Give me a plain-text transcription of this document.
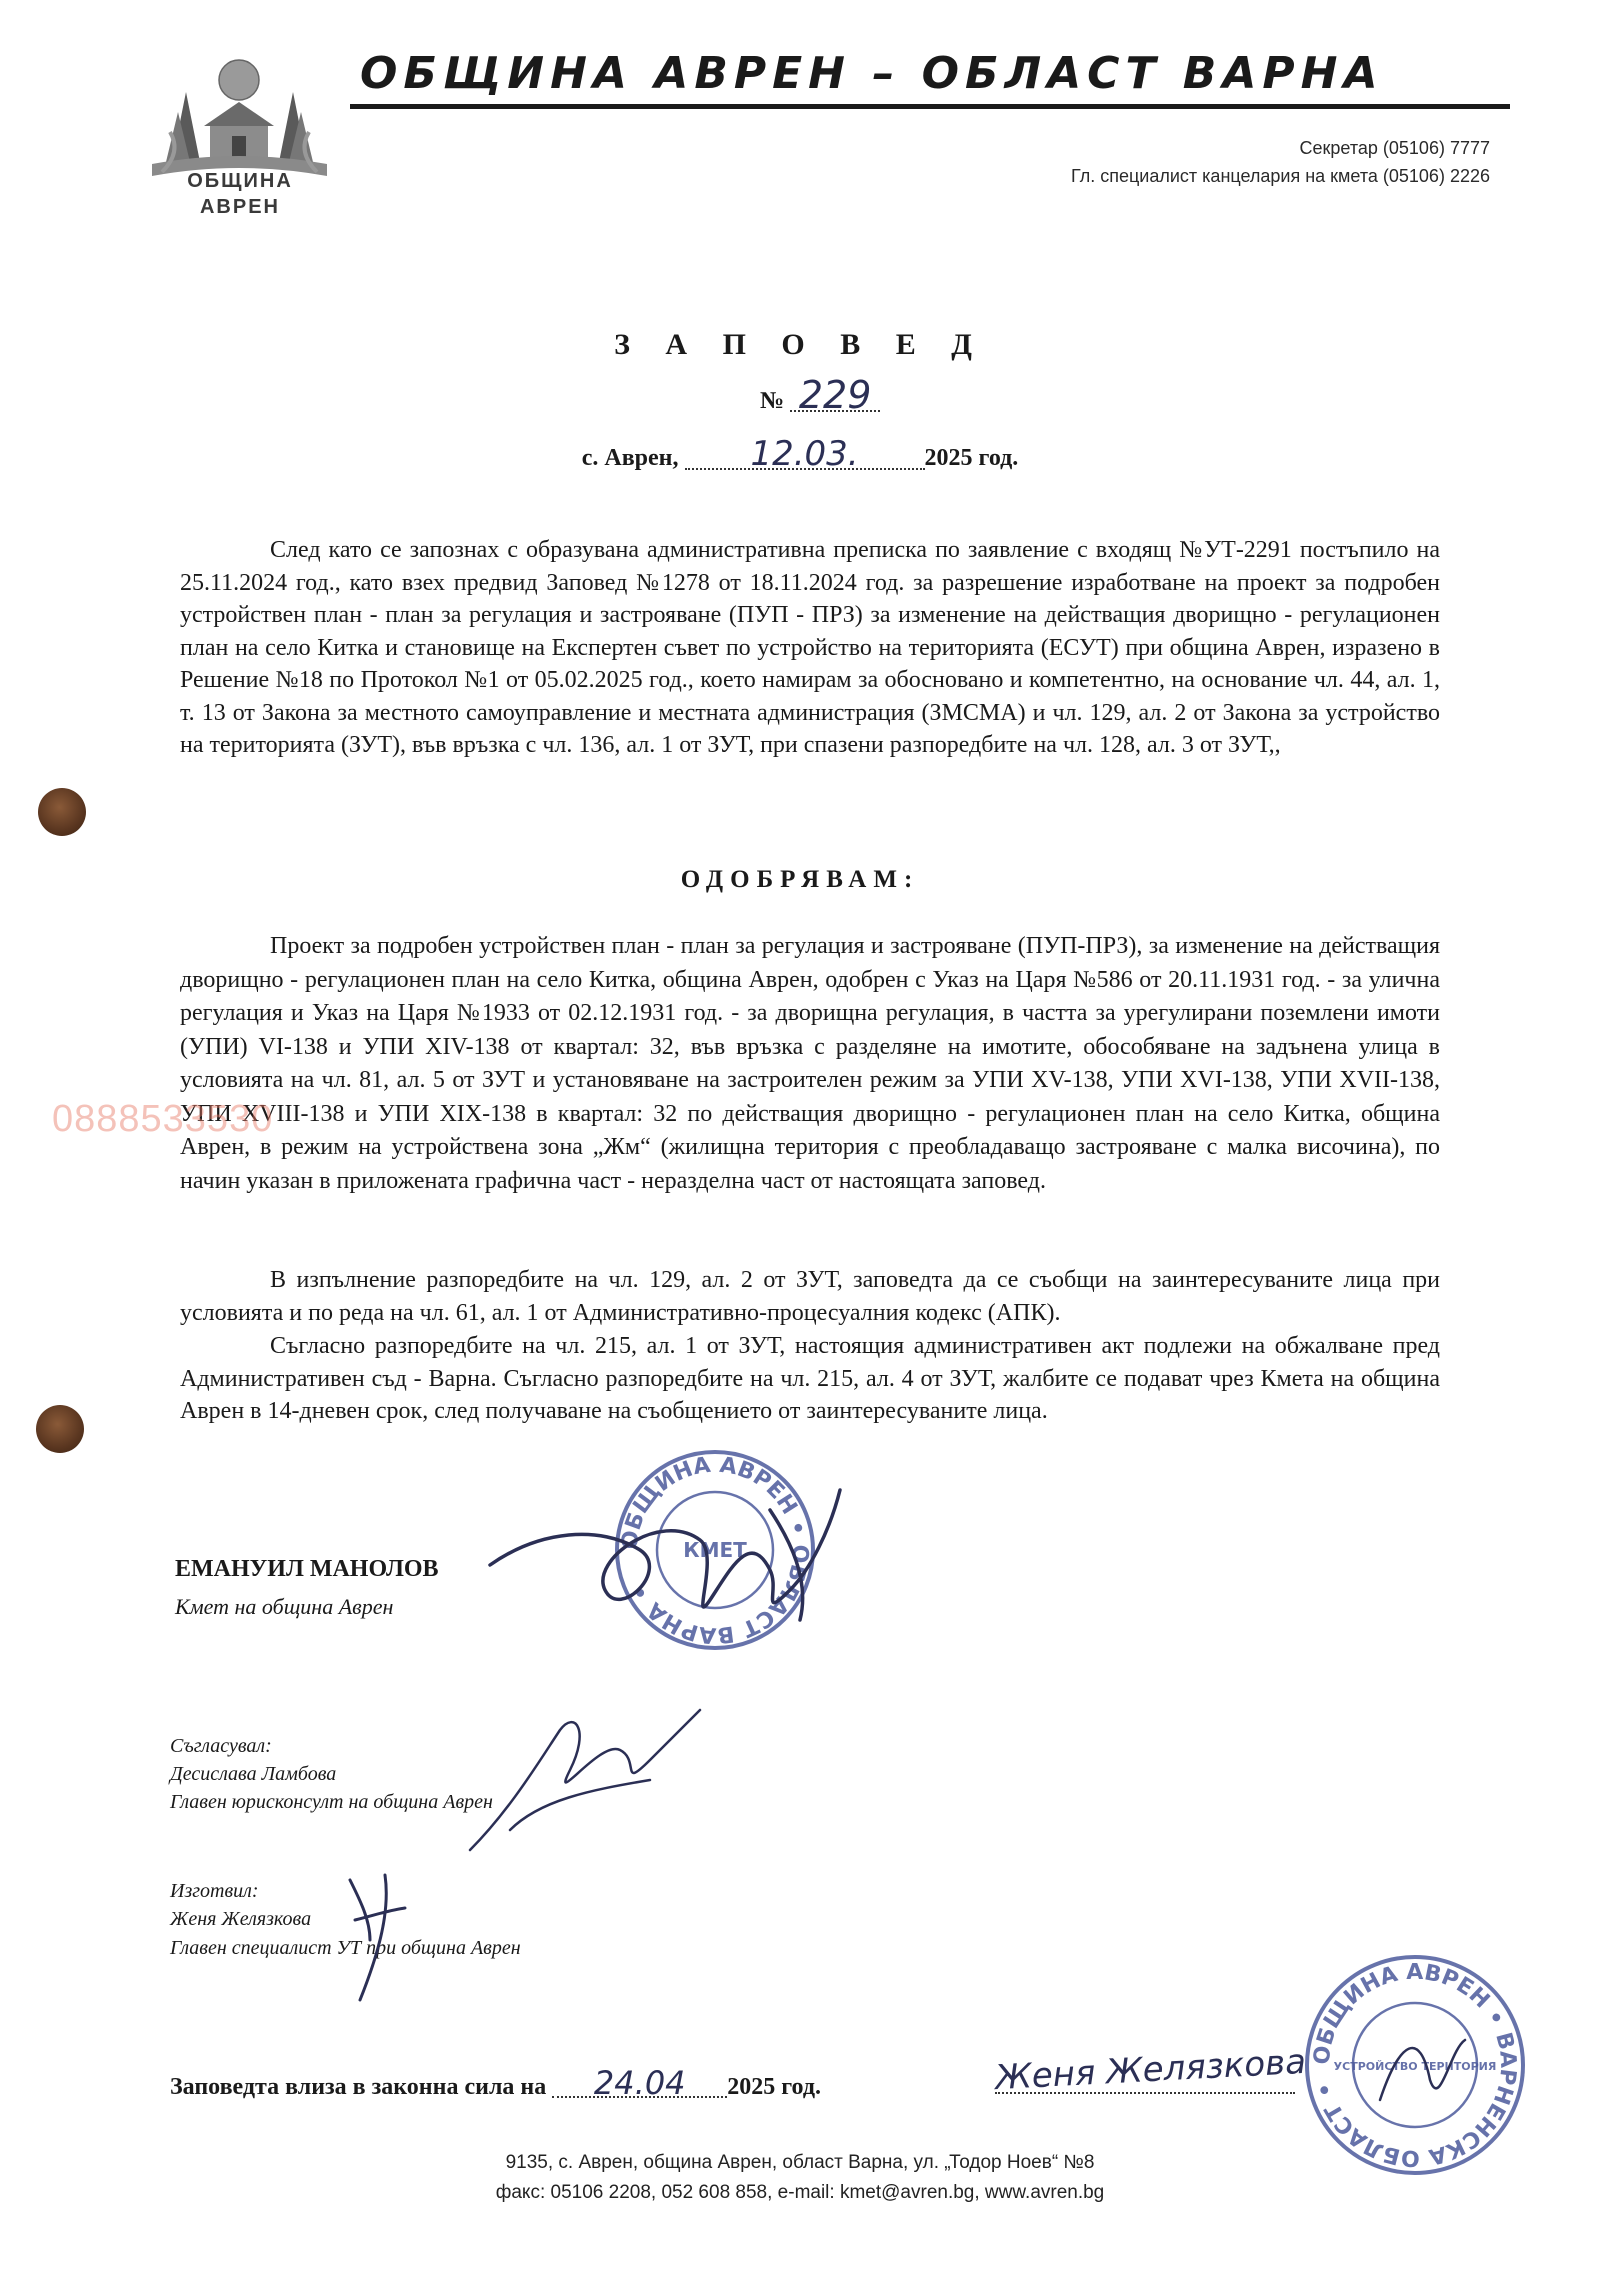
ОБЩИНА
АВРЕН
ОБЩИНА АВРЕН – ОБЛАСТ ВАРНА
Секретар (05106) 7777
Гл. специалист канцелария на кмета (05106) 2226
З А П О В Е Д
№ 229
с. Аврен, 12.03.	2025 год.
След като се запознах с образувана административна преписка по заявление с входящ №УТ-2291 постъпило на 25.11.2024 год., като взех предвид Заповед №1278 от 18.11.2024 год. за разрешение изработване на проект за подробен устройствен план - план за регулация и застрояване (ПУП - ПРЗ) за изменение на действащия дворищно - регулационен план на село Китка и становище на Експертен съвет по устройство на територията (ЕСУТ) при община Аврен, изразено в Решение №18 по Протокол №1 от 05.02.2025 год., което намирам за обосновано и компетентно, на основание чл. 44, ал. 1, т. 13 от Закона за местното самоуправление и местната администрация (ЗМСМА) и чл. 129, ал. 2 от Закона за устройство на територията (ЗУТ), във връзка с чл. 136, ал. 1 от ЗУТ, при спазени разпоредбите на чл. 128, ал. 3 от ЗУТ,,
ОДОБРЯВАМ:
Проект за подробен устройствен план - план за регулация и застрояване (ПУП-ПРЗ), за изменение на действащия дворищно - регулационен план на село Китка, община Аврен, одобрен с Указ на Царя №586 от 20.11.1931 год. - за улична регулация и Указ на Царя №1933 от 02.12.1931 год. - за дворищна регулация, в частта за урегулирани поземлени имоти (УПИ) VI-138 и УПИ XIV-138 от квартал: 32, във връзка с разделяне на имотите, обособяване на задънена улица в условията на чл. 81, ал. 5 от ЗУТ и установяване на застроителен режим за УПИ XV-138, УПИ XVI-138, УПИ XVII-138, УПИ XVIII-138 и УПИ XIX-138 в квартал: 32 по действащия дворищно - регулационен план на село Китка, община Аврен, в режим на устройствена зона „Жм“ (жилищна територия с преобладаващо застрояване с малка височина), по начин указан в приложената графична част - неразделна част от настоящата заповед.
В изпълнение разпоредбите на чл. 129, ал. 2 от ЗУТ, заповедта да се съобщи на заинтересуваните лица при условията и по реда на чл. 61, ал. 1 от Административно-процесуалния кодекс (АПК).
Съгласно разпоредбите на чл. 215, ал. 1 от ЗУТ, настоящия административен акт подлежи на обжалване пред Административен съд - Варна. Съгласно разпоредбите на чл. 215, ал. 4 от ЗУТ, жалбите се подават чрез Кмета на община Аврен в 14-дневен срок, след получаване на съобщението от заинтересуваните лица.
0888533530
ЕМАНУИЛ МАНОЛОВ
Кмет на община Аврен
ОБЩИНА АВРЕН • ОБЛАСТ ВАРНА •
КМЕТ
Съгласувал:
Десислава Ламбова
Главен юрисконсулт на община Аврен
Изготвил:
Женя Желязкова
Главен специалист УТ при община Аврен
Заповедта влиза в законна сила на 24.04 2025 год.	Женя Желязкова ОБЩИНА АВРЕН • ВАРНЕНСКА ОБЛАСТ •
УСТРОЙСТВО ТЕРИТОРИЯ
9135, с. Аврен, община Аврен, област Варна, ул. „Тодор Ноев“ №8
факс: 05106 2208, 052 608 858, e-mail: kmet@avren.bg, www.avren.bg
